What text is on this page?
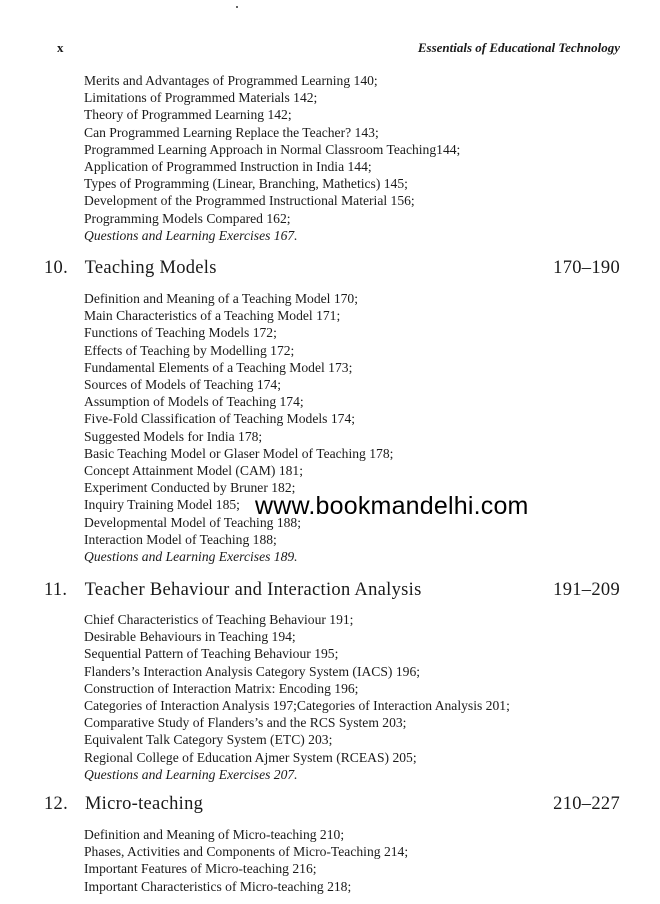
x	Essentials of Educational Technology
Merits and Advantages of Programmed Learning 140;
Limitations of Programmed Materials 142;
Theory of Programmed Learning 142;
Can Programmed Learning Replace the Teacher? 143;
Programmed Learning Approach in Normal Classroom Teaching144;
Application of Programmed Instruction in India 144;
Types of Programming (Linear, Branching, Mathetics) 145;
Development of the Programmed Instructional Material 156;
Programming Models Compared 162;
Questions and Learning Exercises 167.
10. Teaching Models	170–190
Definition and Meaning of a Teaching Model 170;
Main Characteristics of a Teaching Model 171;
Functions of Teaching Models 172;
Effects of Teaching by Modelling 172;
Fundamental Elements of a Teaching Model 173;
Sources of Models of Teaching 174;
Assumption of Models of Teaching 174;
Five-Fold Classification of Teaching Models 174;
Suggested Models for India 178;
Basic Teaching Model or Glaser Model of Teaching 178;
Concept Attainment Model (CAM) 181;
Experiment Conducted by Bruner 182;
Inquiry Training Model 185;
Developmental Model of Teaching 188;
Interaction Model of Teaching 188;
Questions and Learning Exercises 189.
11. Teacher Behaviour and Interaction Analysis	191–209
Chief Characteristics of Teaching Behaviour 191;
Desirable Behaviours in Teaching 194;
Sequential Pattern of Teaching Behaviour 195;
Flanders’s Interaction Analysis Category System (IACS) 196;
Construction of Interaction Matrix: Encoding 196;
Categories of Interaction Analysis 197;Categories of Interaction Analysis 201;
Comparative Study of Flanders’s and the RCS System 203;
Equivalent Talk Category System (ETC) 203;
Regional College of Education Ajmer System (RCEAS) 205;
Questions and Learning Exercises 207.
12. Micro-teaching	210–227
Definition and Meaning of Micro-teaching 210;
Phases, Activities and Components of Micro-Teaching 214;
Important Features of Micro-teaching 216;
Important Characteristics of Micro-teaching 218;
www.bookmandelhi.com
